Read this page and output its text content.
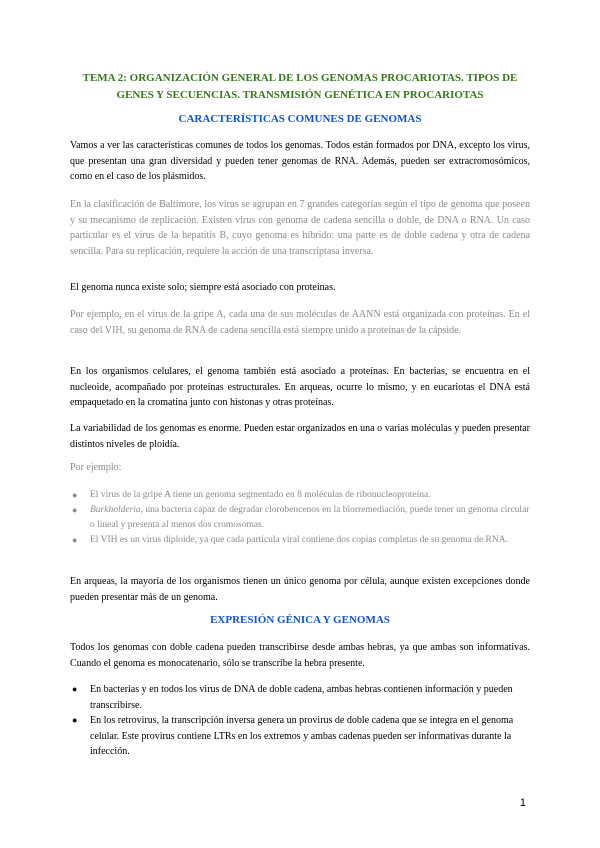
TEMA 2: ORGANIZACIÓN GENERAL DE LOS GENOMAS PROCARIOTAS. TIPOS DE GENES Y SECUENCIAS. TRANSMISIÓN GENÉTICA EN PROCARIOTAS
CARACTERÍSTICAS COMUNES DE GENOMAS

Vamos a ver las características comunes de todos los genomas. Todos están formados por DNA, excepto los virus, que presentan una gran diversidad y pueden tener genomas de RNA. Además, pueden ser extracromosómicos, como en el caso de los plásmidos.

En la clasificación de Baltimore, los virus se agrupan en 7 grandes categorías según el tipo de genoma que poseen y su mecanismo de replicación. Existen virus con genoma de cadena sencilla o doble, de DNA o RNA. Un caso particular es el virus de la hepatitis B, cuyo genoma es híbrido: una parte es de doble cadena y otra de cadena sencilla. Para su replicación, requiere la acción de una transcriptasa inversa.

El genoma nunca existe solo; siempre está asociado con proteínas.

Por ejemplo, en el virus de la gripe A, cada una de sus moléculas de AANN está organizada con proteínas. En el caso del VIH, su genoma de RNA de cadena sencilla está siempre unido a proteínas de la cápside.

En los organismos celulares, el genoma también está asociado a proteínas. En bacterias, se encuentra en el nucleoide, acompañado por proteínas estructurales. En arqueas, ocurre lo mismo, y en eucariotas el DNA está empaquetado en la cromatina junto con histonas y otras proteínas.

La variabilidad de los genomas es enorme. Pueden estar organizados en una o varias moléculas y pueden presentar distintos niveles de ploidía.

Por ejemplo:

● El virus de la gripe A tiene un genoma segmentado en 8 moléculas de ribonucleoproteína.
● Burkholderia, una bacteria capaz de degradar clorobencenos en la biorremediación, puede tener un genoma circular o lineal y presenta al menos dos cromosomas.
● El VIH es un virus diploide, ya que cada partícula viral contiene dos copias completas de su genoma de RNA.

En arqueas, la mayoría de los organismos tienen un único genoma por célula, aunque existen excepciones donde pueden presentar más de un genoma.

EXPRESIÓN GÉNICA Y GENOMAS

Todos los genomas con doble cadena pueden transcribirse desde ambas hebras, ya que ambas son informativas. Cuando el genoma es monocatenario, sólo se transcribe la hebra presente.

● En bacterias y en todos los virus de DNA de doble cadena, ambas hebras contienen información y pueden transcribirse.
● En los retrovirus, la transcripción inversa genera un provirus de doble cadena que se integra en el genoma celular. Este provirus contiene LTRs en los extremos y ambas cadenas pueden ser informativas durante la infección.
1
